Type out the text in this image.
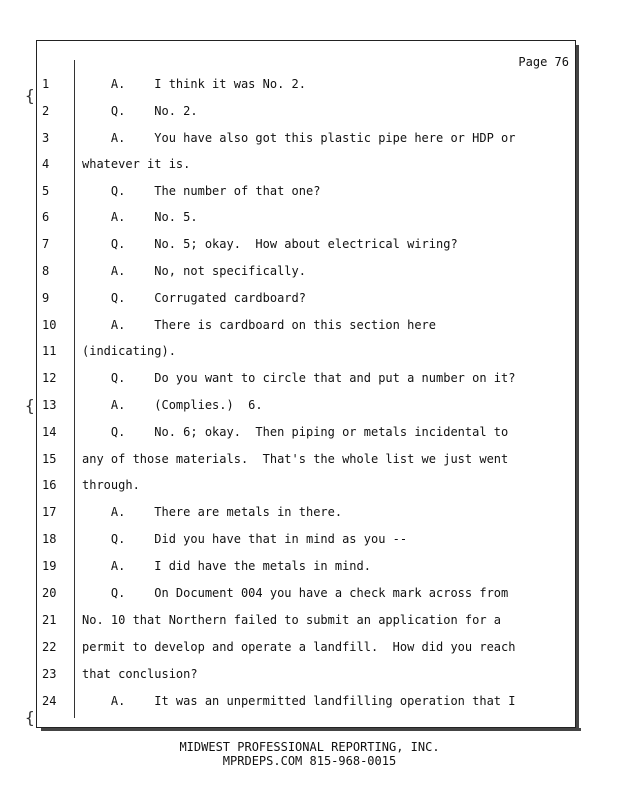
Page 76
{
{
{
1	A.    I think it was No. 2.
2	Q.    No. 2.
3	A.    You have also got this plastic pipe here or HDP or
4	whatever it is.
5	Q.    The number of that one?
6	A.    No. 5.
7	Q.    No. 5; okay.  How about electrical wiring?
8	A.    No, not specifically.
9	Q.    Corrugated cardboard?
10	A.    There is cardboard on this section here
11	(indicating).
12	Q.    Do you want to circle that and put a number on it?
13	A.    (Complies.)  6.
14	Q.    No. 6; okay.  Then piping or metals incidental to
15	any of those materials.  That's the whole list we just went
16	through.
17	A.    There are metals in there.
18	Q.    Did you have that in mind as you --
19	A.    I did have the metals in mind.
20	Q.    On Document 004 you have a check mark across from
21	No. 10 that Northern failed to submit an application for a
22	permit to develop and operate a landfill.  How did you reach
23	that conclusion?
24	A.    It was an unpermitted landfilling operation that I
MIDWEST PROFESSIONAL REPORTING, INC.
MPRDEPS.COM 815-968-0015
